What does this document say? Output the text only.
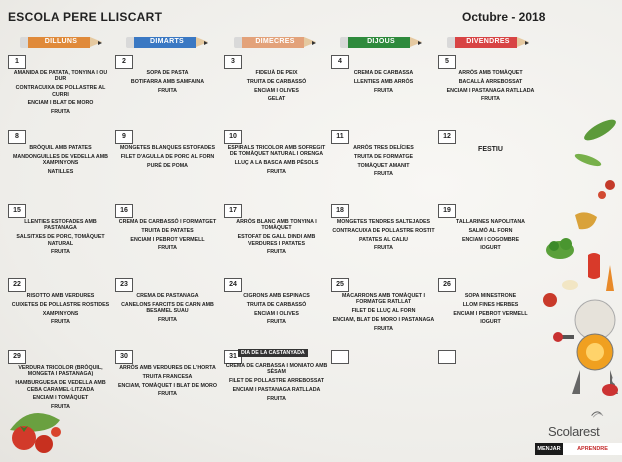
ESCOLA PERE LLISCART	Octubre - 2018
DILLUNS	DIMARTS	DIMECRES	DIJOUS	DIVENDRES
1
AMANIDA DE PATATA, TONYINA I OU DUR
CONTRACUIXA DE POLLASTRE AL CURRI
ENCIAM I BLAT DE MORO
FRUITA
2
SOPA DE PASTA
BOTIFARRA AMB SAMFAINA
FRUITA
3
FIDEUÀ DE PEIX
TRUITA DE CARBASSÓ
ENCIAM I OLIVES
GELAT
4
CREMA DE CARBASSA
LLENTIES AMB ARRÒS
FRUITA
5
ARRÒS AMB TOMÀQUET
BACALLÀ ARREBOSSAT
ENCIAM I PASTANAGA RATLLADA
FRUITA
8
BRÒQUIL AMB PATATES
MANDONGUILLES DE VEDELLA AMB XAMPINYONS
NATILLES
9
MONGETES BLANQUES ESTOFADES
FILET D'AGULLA DE PORC AL FORN
PURÉ DE POMA
10
ESPIRALS TRICOLOR AMB SOFREGIT DE TOMÀQUET NATURAL I ORENGA
LLUÇ A LA BASCA AMB PÈSOLS
FRUITA
11
ARRÒS TRES DELÍCIES
TRUITA DE FORMATGE
TOMÀQUET AMANIT
FRUITA
12
FESTIU
15
LLENTIES ESTOFADES AMB PASTANAGA
SALSITXES DE PORC, TOMÀQUET NATURAL
FRUITA
16
CREMA DE CARBASSÓ I FORMATGET
TRUITA DE PATATES
ENCIAM I PEBROT VERMELL
FRUITA
17
ARRÒS BLANC AMB TONYINA I TOMÀQUET
ESTOFAT DE GALL DINDI AMB VERDURES I PATATES
FRUITA
18
MONGETES TENDRES SALTEJADES
CONTRACUIXA DE POLLASTRE ROSTIT
PATATES AL CALIU
FRUITA
19
TALLARINES NAPOLITANA
SALMÓ AL FORN
ENCIAM I COGOMBRE
IOGURT
22
RISOTTO AMB VERDURES
CUIXETES DE POLLASTRE ROSTIDES
XAMPINYONS
FRUITA
23
CREMA DE PASTANAGA
CANELONS FARCITS DE CARN AMB BESAMEL SUAU
FRUITA
24
CIGRONS AMB ESPINACS
TRUITA DE CARBASSÓ
ENCIAM I OLIVES
FRUITA
25
MACARRONS AMB TOMÀQUET I FORMATGE RATLLAT
FILET DE LLUÇ AL FORN
ENCIAM, BLAT DE MORO I PASTANAGA
FRUITA
26
SOPA MINESTRONE
LLOM FINES HERBES
ENCIAM I PEBROT VERMELL
IOGURT
29
VERDURA TRICOLOR (BRÒQUIL, MONGETA I PASTANAGA)
HAMBURGUESA DE VEDELLA AMB CEBA CARAMEL·LITZADA
ENCIAM I TOMÀQUET
FRUITA
30
ARRÒS AMB VERDURES DE L'HORTA
TRUITA FRANCESA
ENCIAM, TOMÀQUET I BLAT DE MORO
FRUITA
31 DIA DE LA CASTANYADA
CREMA DE CARBASSA I MONIATO AMB SÈSAM
FILET DE POLLASTRE ARREBOSSAT
ENCIAM I PASTANAGA RATLLADA
FRUITA
Scolarest
MENJAR	APRENDRE
